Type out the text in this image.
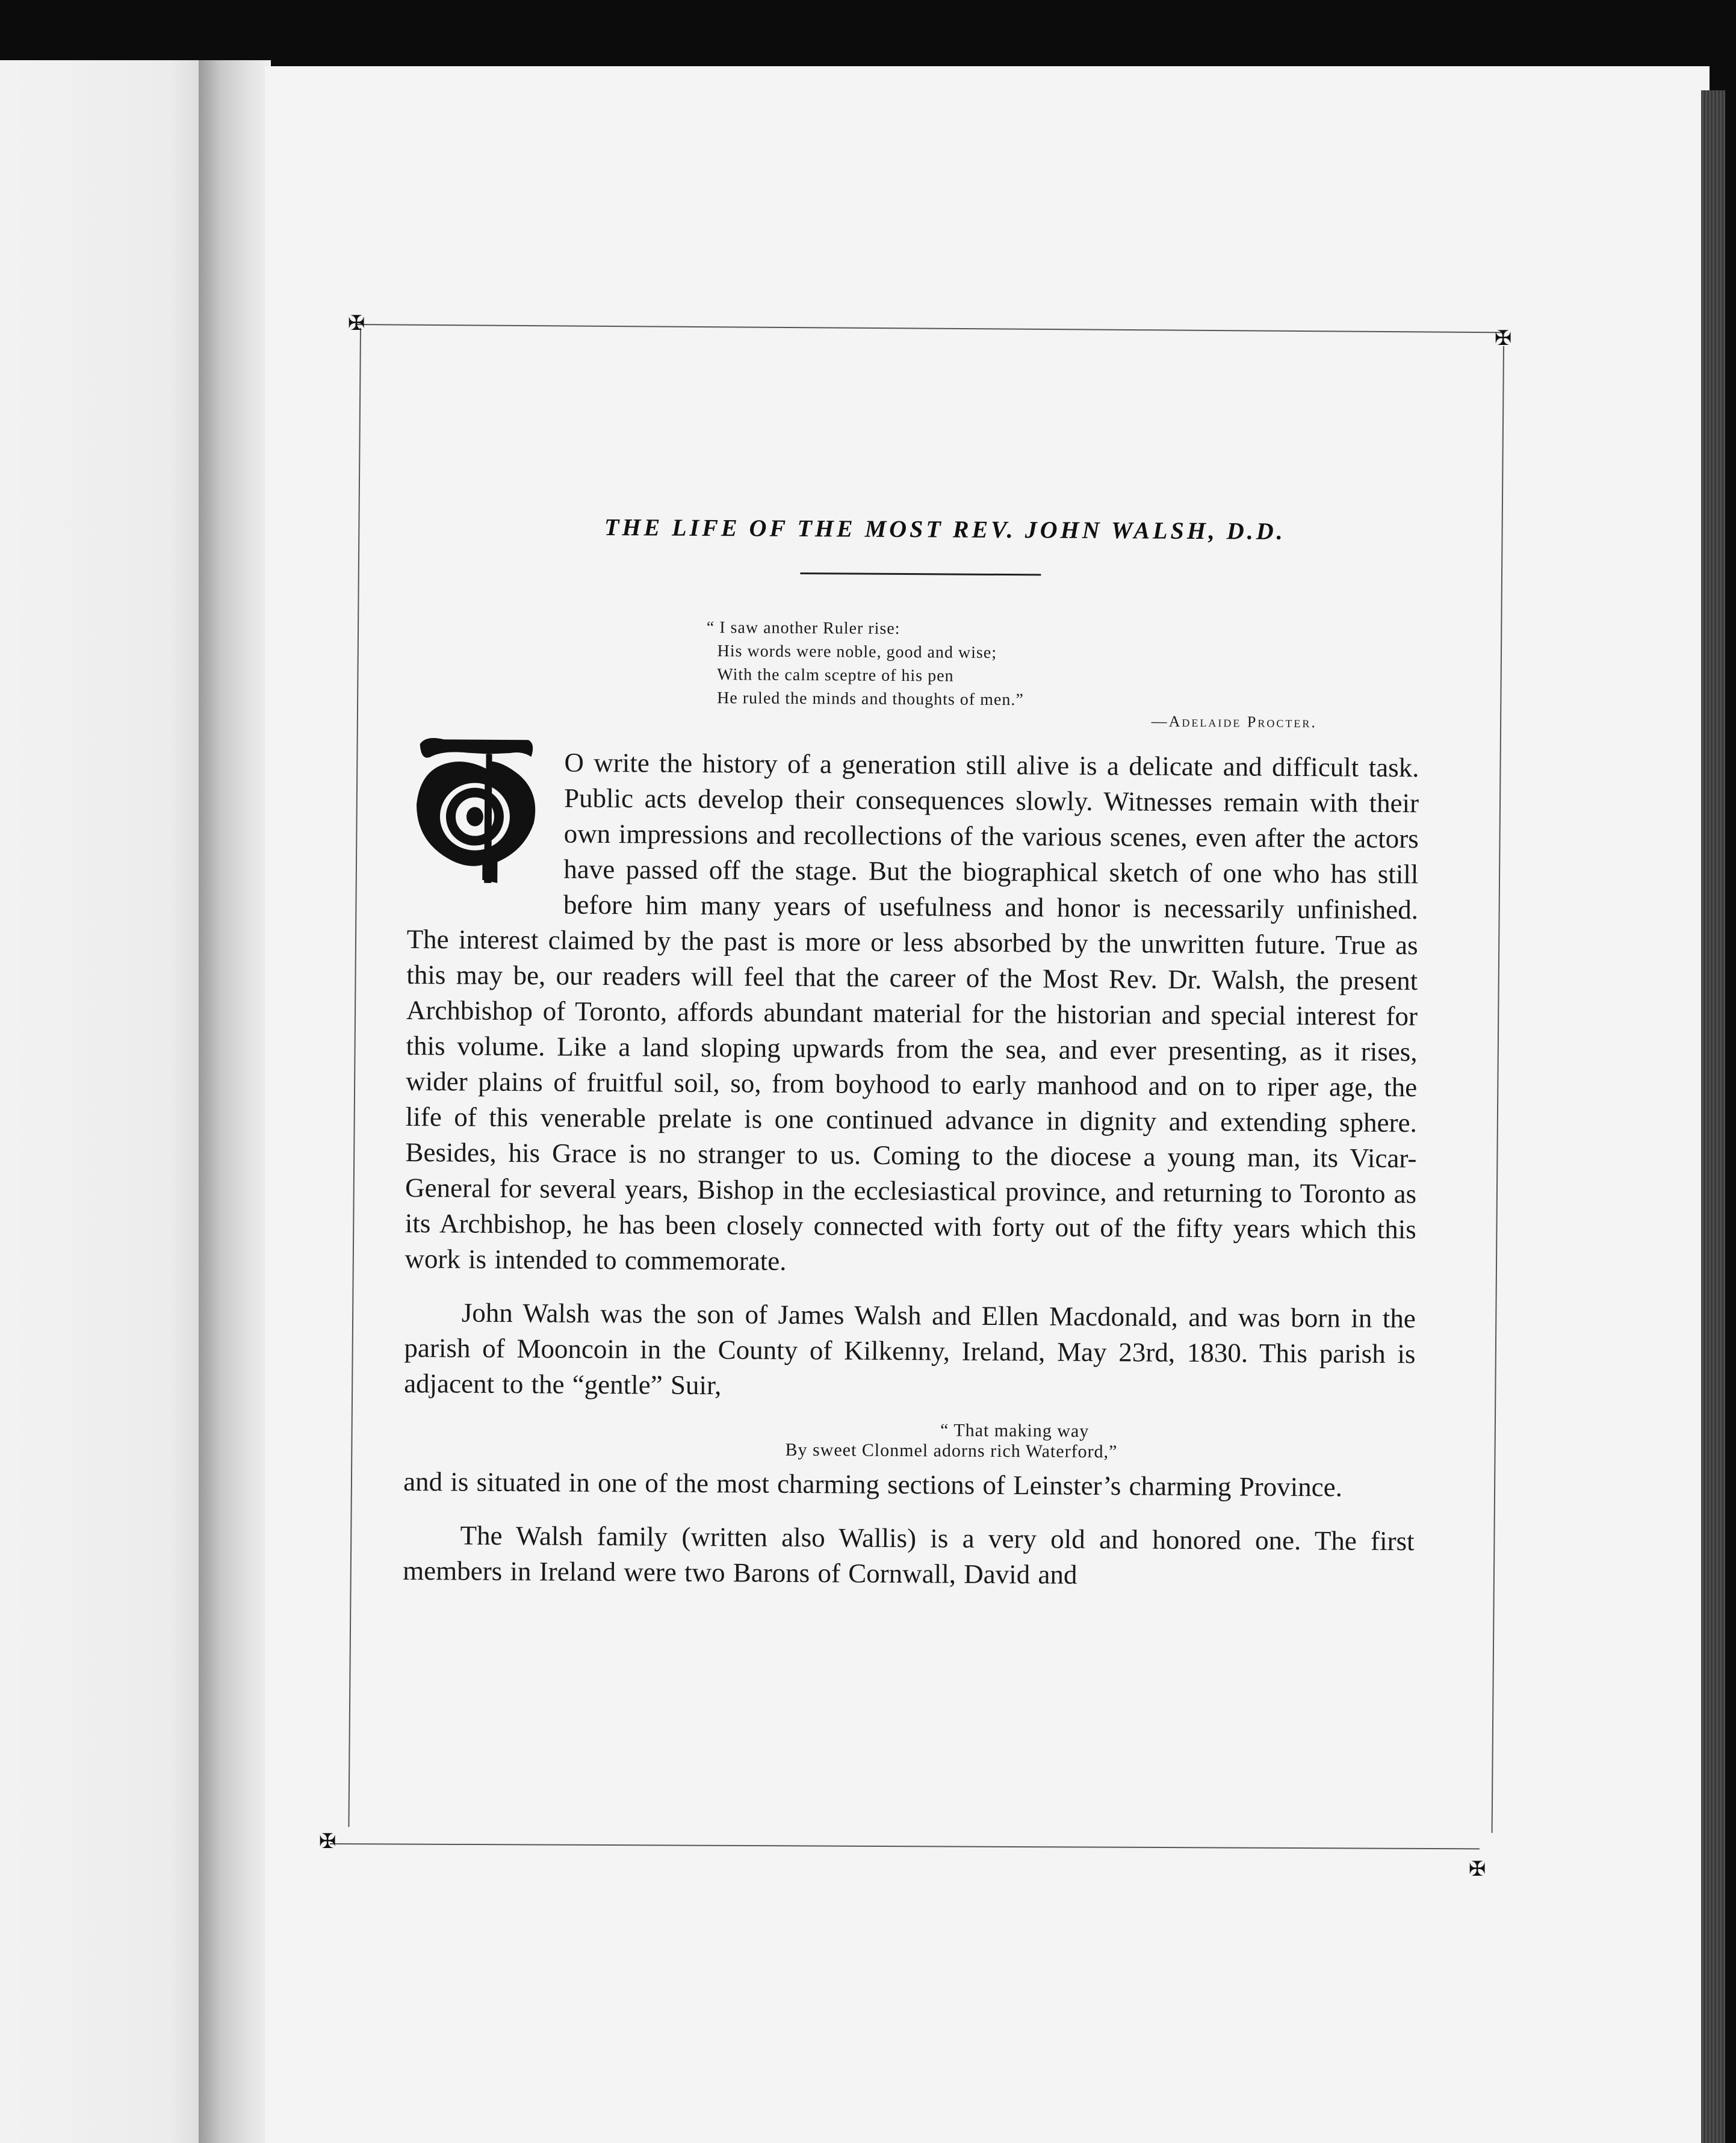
✠
✠
✠
✠
THE LIFE OF THE MOST REV. JOHN WALSH, D.D.
“ I saw another Ruler rise:
His words were noble, good and wise;
With the calm sceptre of his pen
He ruled the minds and thoughts of men.”
—Adelaide Procter.

O write the history of a generation still alive is a delicate and difficult task. Public acts develop their consequences slowly. Witnesses remain with their own impressions and recollections of the various scenes, even after the actors have passed off the stage. But the biographical sketch of one who has still before him many years of usefulness and honor is necessarily unfinished. The interest claimed by the past is more or less absorbed by the unwritten future. True as this may be, our readers will feel that the career of the Most Rev. Dr. Walsh, the present Archbishop of Toronto, affords abundant material for the historian and special interest for this volume. Like a land sloping upwards from the sea, and ever presenting, as it rises, wider plains of fruitful soil, so, from boyhood to early manhood and on to riper age, the life of this venerable prelate is one continued advance in dignity and extending sphere. Besides, his Grace is no stranger to us. Coming to the diocese a young man, its Vicar-General for several years, Bishop in the ecclesiastical province, and returning to Toronto as its Archbishop, he has been closely connected with forty out of the fifty years which this work is intended to commemorate.

John Walsh was the son of James Walsh and Ellen Macdonald, and was born in the parish of Mooncoin in the County of Kilkenny, Ireland, May 23rd, 1830. This parish is adjacent to the “gentle” Suir,

“ That making way
By sweet Clonmel adorns rich Waterford,”

and is situated in one of the most charming sections of Leinster’s charming Province.

The Walsh family (written also Wallis) is a very old and honored one. The first members in Ireland were two Barons of Cornwall, David and
